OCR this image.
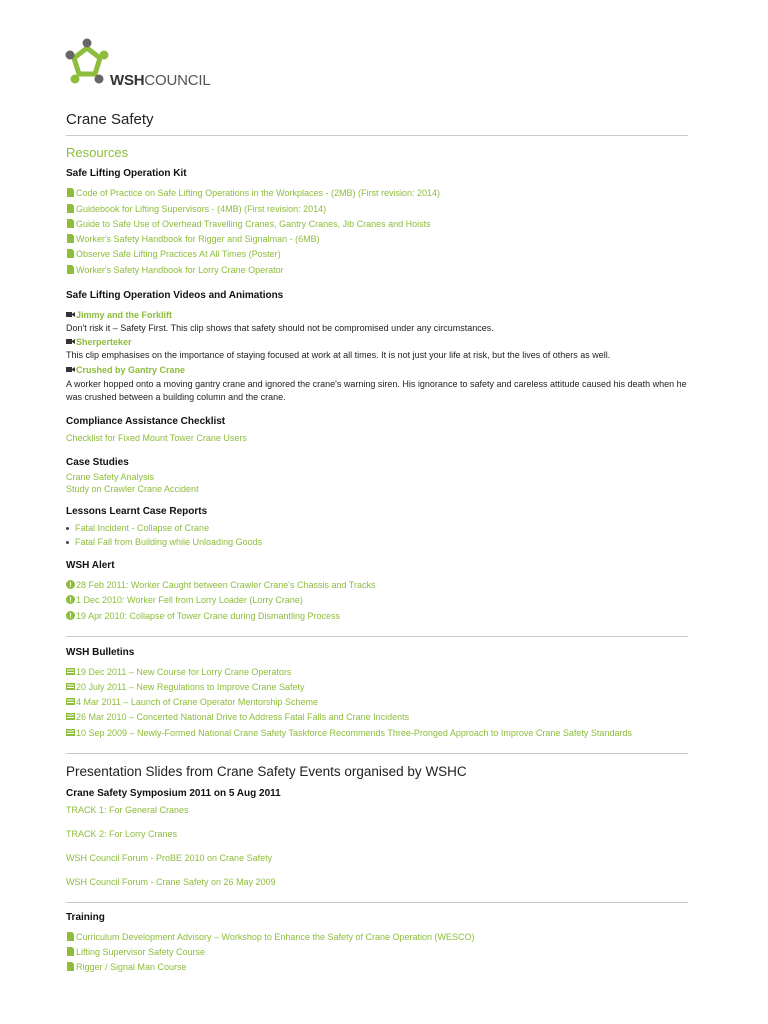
WSHCOUNCIL
Crane Safety
Resources
Safe Lifting Operation Kit
Code of Practice on Safe Lifting Operations in the Workplaces - (2MB) (First revision: 2014)
Guidebook for Lifting Supervisors - (4MB) (First revision: 2014)
Guide to Safe Use of Overhead Travelling Cranes, Gantry Cranes, Jib Cranes and Hoists
Worker's Safety Handbook for Rigger and Signalman - (6MB)
Observe Safe Lifting Practices At All Times (Poster)
Worker's Safety Handbook for Lorry Crane Operator
Safe Lifting Operation Videos and Animations
Jimmy and the Forklift
Don't risk it – Safety First. This clip shows that safety should not be compromised under any circumstances.
Sherperteker
This clip emphasises on the importance of staying focused at work at all times. It is not just your life at risk, but the lives of others as well.
Crushed by Gantry Crane
A worker hopped onto a moving gantry crane and ignored the crane's warning siren. His ignorance to safety and careless attitude caused his death when he was crushed between a building column and the crane.
Compliance Assistance Checklist
Checklist for Fixed Mount Tower Crane Users
Case Studies
Crane Safety Analysis
Study on Crawler Crane Accident
Lessons Learnt Case Reports
Fatal Incident - Collapse of Crane
Fatal Fall from Building while Unloading Goods
WSH Alert
28 Feb 2011: Worker Caught between Crawler Crane's Chassis and Tracks
1 Dec 2010: Worker Fell from Lorry Loader (Lorry Crane)
19 Apr 2010: Collapse of Tower Crane during Dismantling Process
WSH Bulletins
19 Dec 2011 – New Course for Lorry Crane Operators
20 July 2011 – New Regulations to Improve Crane Safety
4 Mar 2011 – Launch of Crane Operator Mentorship Scheme
26 Mar 2010 – Concerted National Drive to Address Fatal Falls and Crane Incidents
10 Sep 2009 – Newly-Formed National Crane Safety Taskforce Recommends Three-Pronged Approach to Improve Crane Safety Standards
Presentation Slides from Crane Safety Events organised by WSHC
Crane Safety Symposium 2011 on 5 Aug 2011
TRACK 1: For General Cranes
TRACK 2: For Lorry Cranes
WSH Council Forum - ProBE 2010 on Crane Safety
WSH Council Forum - Crane Safety on 26 May 2009
Training
Curriculum Development Advisory – Workshop to Enhance the Safety of Crane Operation (WESCO)
Lifting Supervisor Safety Course
Rigger / Signal Man Course
